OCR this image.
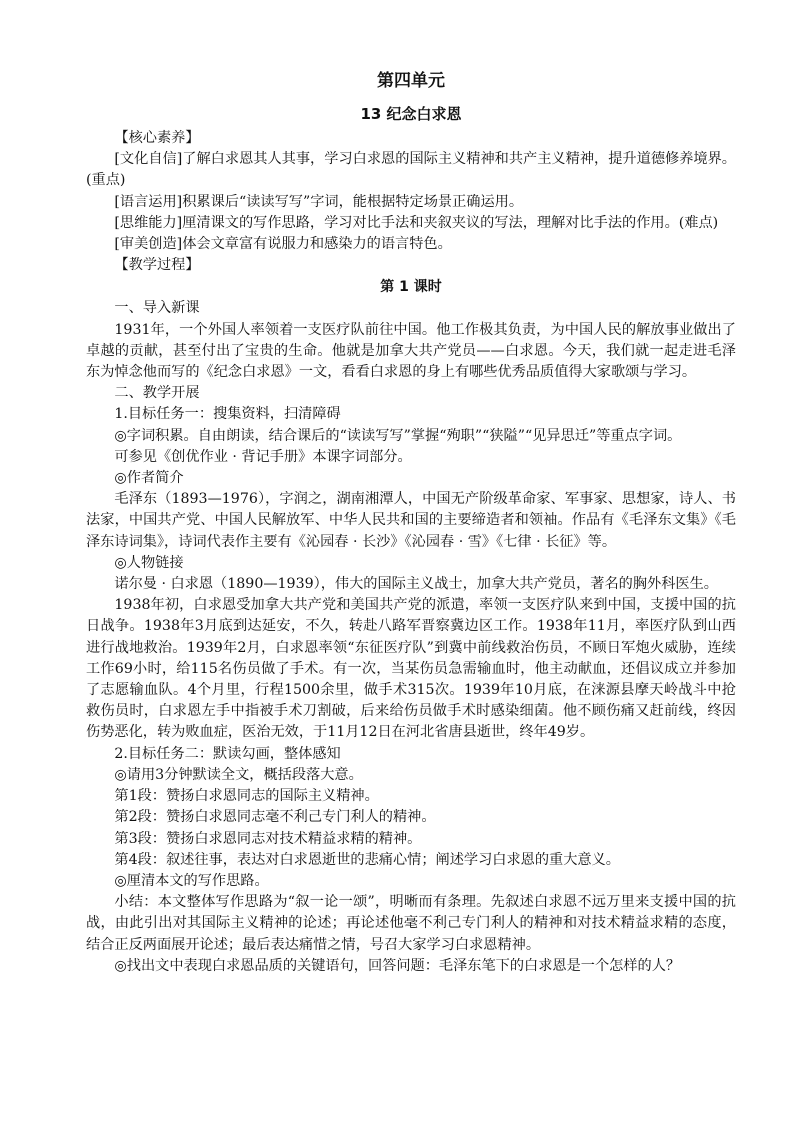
第四单元
13 纪念白求恩

【核心素养】

[文化自信]了解白求恩其人其事，学习白求恩的国际主义精神和共产主义精神，提升道德修养境界。(重点)

[语言运用]积累课后“读读写写”字词，能根据特定场景正确运用。

[思维能力]厘清课文的写作思路，学习对比手法和夹叙夹议的写法，理解对比手法的作用。(难点)

[审美创造]体会文章富有说服力和感染力的语言特色。

【教学过程】

第 1 课时

一、导入新课

1931年，一个外国人率领着一支医疗队前往中国。他工作极其负责，为中国人民的解放事业做出了卓越的贡献，甚至付出了宝贵的生命。他就是加拿大共产党员——白求恩。今天，我们就一起走进毛泽东为悼念他而写的《纪念白求恩》一文，看看白求恩的身上有哪些优秀品质值得大家歌颂与学习。

二、教学开展

1.目标任务一：搜集资料，扫清障碍

◎字词积累。自由朗读，结合课后的“读读写写”掌握“殉职”“狭隘”“见异思迁”等重点字词。

可参见《创优作业 · 背记手册》本课字词部分。

◎作者简介

毛泽东（1893—1976），字润之，湖南湘潭人，中国无产阶级革命家、军事家、思想家，诗人、书法家，中国共产党、中国人民解放军、中华人民共和国的主要缔造者和领袖。作品有《毛泽东文集》《毛泽东诗词集》，诗词代表作主要有《沁园春 · 长沙》《沁园春 · 雪》《七律 · 长征》等。

◎人物链接

诺尔曼 · 白求恩（1890—1939），伟大的国际主义战士，加拿大共产党员，著名的胸外科医生。

1938年初，白求恩受加拿大共产党和美国共产党的派遣，率领一支医疗队来到中国，支援中国的抗日战争。1938年3月底到达延安，不久，转赴八路军晋察冀边区工作。1938年11月，率医疗队到山西进行战地救治。1939年2月，白求恩率领“东征医疗队”到冀中前线救治伤员，不顾日军炮火威胁，连续工作69小时，给115名伤员做了手术。有一次，当某伤员急需输血时，他主动献血，还倡议成立并参加了志愿输血队。4个月里，行程1500余里，做手术315次。1939年10月底，在涞源县摩天岭战斗中抢救伤员时，白求恩左手中指被手术刀割破，后来给伤员做手术时感染细菌。他不顾伤痛又赶前线，终因伤势恶化，转为败血症，医治无效，于11月12日在河北省唐县逝世，终年49岁。

2.目标任务二：默读勾画，整体感知

◎请用3分钟默读全文，概括段落大意。

第1段：赞扬白求恩同志的国际主义精神。

第2段：赞扬白求恩同志毫不利己专门利人的精神。

第3段：赞扬白求恩同志对技术精益求精的精神。

第4段：叙述往事，表达对白求恩逝世的悲痛心情；阐述学习白求恩的重大意义。

◎厘清本文的写作思路。

小结：本文整体写作思路为“叙一论一颂”，明晰而有条理。先叙述白求恩不远万里来支援中国的抗战，由此引出对其国际主义精神的论述；再论述他毫不利己专门利人的精神和对技术精益求精的态度，结合正反两面展开论述；最后表达痛惜之情，号召大家学习白求恩精神。

◎找出文中表现白求恩品质的关键语句，回答问题：毛泽东笔下的白求恩是一个怎样的人？
